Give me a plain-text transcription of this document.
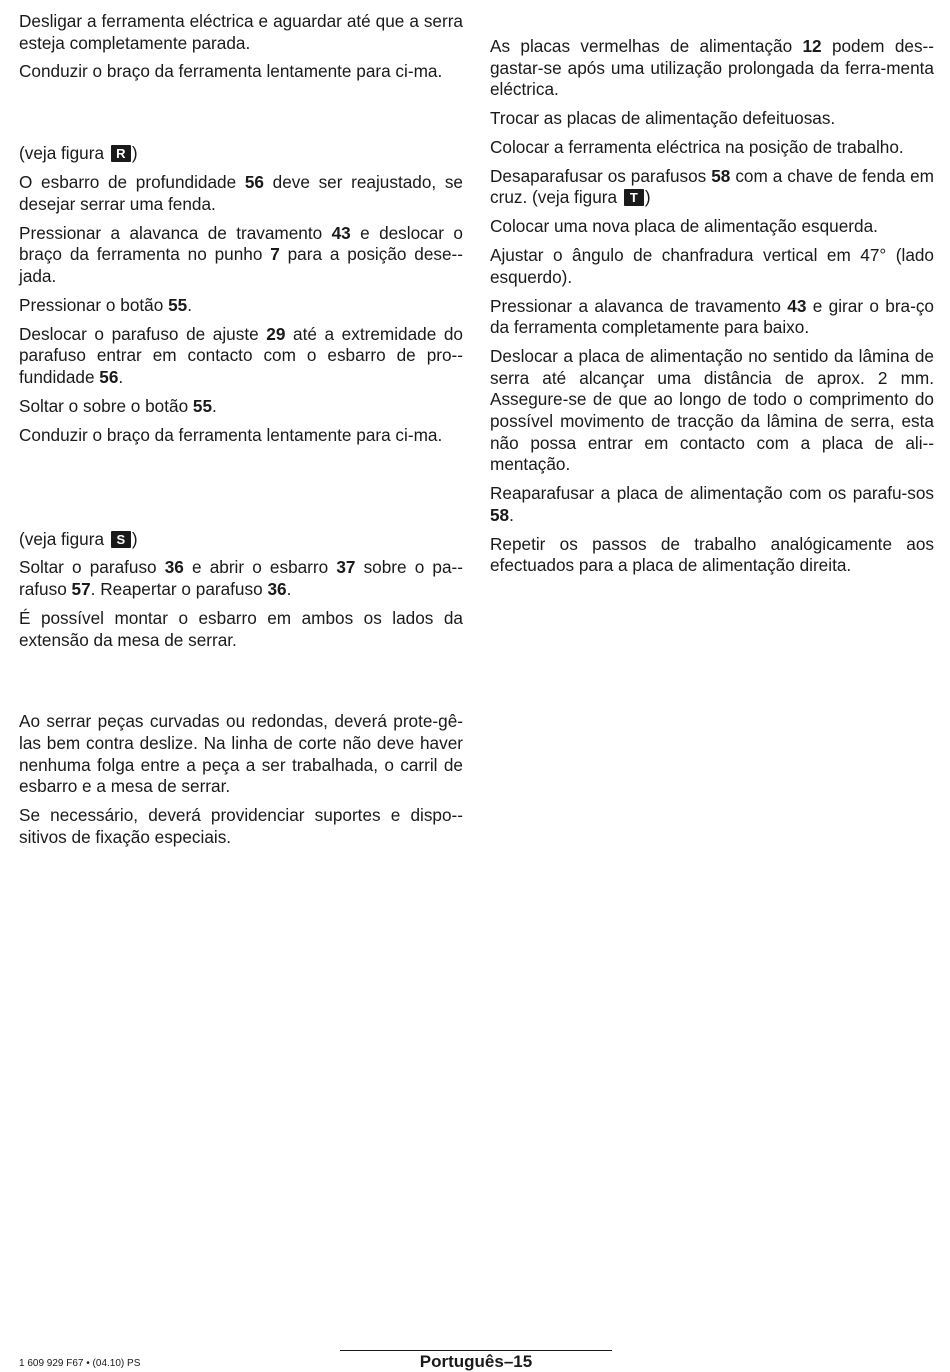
Desligar a ferramenta eléctrica e aguardar até que a serra esteja completamente parada.

Conduzir o braço da ferramenta lentamente para ci-ma.

(veja figura R )

O esbarro de profundidade 56 deve ser reajustado, se desejar serrar uma fenda.

Pressionar a alavanca de travamento 43 e deslocar o braço da ferramenta no punho 7 para a posição dese-jada.

Pressionar o botão 55.

Deslocar o parafuso de ajuste 29 até a extremidade do parafuso entrar em contacto com o esbarro de pro-fundidade 56.

Soltar o sobre o botão 55.

Conduzir o braço da ferramenta lentamente para ci-ma.

(veja figura S )

Soltar o parafuso 36 e abrir o esbarro 37 sobre o pa-rafuso 57. Reapertar o parafuso 36.

É possível montar o esbarro em ambos os lados da extensão da mesa de serrar.

Ao serrar peças curvadas ou redondas, deverá prote-gê-las bem contra deslize. Na linha de corte não deve haver nenhuma folga entre a peça a ser trabalhada, o carril de esbarro e a mesa de serrar.

Se necessário, deverá providenciar suportes e dispo-sitivos de fixação especiais.

As placas vermelhas de alimentação 12 podem des-gastar-se após uma utilização prolongada da ferra-menta eléctrica.

Trocar as placas de alimentação defeituosas.

Colocar a ferramenta eléctrica na posição de trabalho.

Desaparafusar os parafusos 58 com a chave de fenda em cruz. (veja figura T )

Colocar uma nova placa de alimentação esquerda.

Ajustar o ângulo de chanfradura vertical em 47° (lado esquerdo).

Pressionar a alavanca de travamento 43 e girar o bra-ço da ferramenta completamente para baixo.

Deslocar a placa de alimentação no sentido da lâmina de serra até alcançar uma distância de aprox. 2 mm. Assegure-se de que ao longo de todo o comprimento do possível movimento de tracção da lâmina de serra, esta não possa entrar em contacto com a placa de ali-mentação.

Reaparafusar a placa de alimentação com os parafu-sos 58.

Repetir os passos de trabalho analógicamente aos efectuados para a placa de alimentação direita.

1 609 929 F67 • (04.10) PS	Português–15
